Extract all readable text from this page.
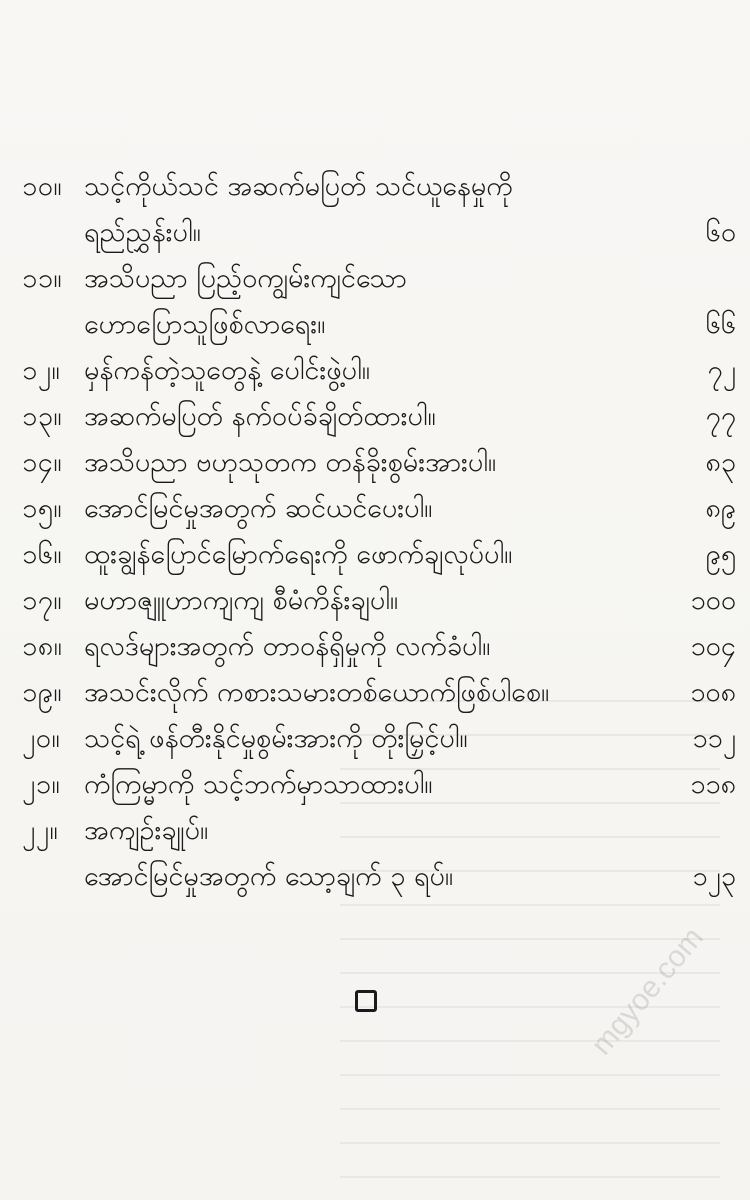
၁၀။ သင့်ကိုယ်သင် အဆက်မပြတ် သင်ယူနေမှုကို
ရည်ညွှန်းပါ။	၆၀
၁၁။ အသိပညာ ပြည့်ဝကျွမ်းကျင်သော
ဟောပြောသူဖြစ်လာရေး။	၆၆
၁၂။ မှန်ကန်တဲ့သူတွေနဲ့ ပေါင်းဖွဲ့ပါ။	၇၂
၁၃။ အဆက်မပြတ် နက်ဝပ်ခ်ချိတ်ထားပါ။	၇၇
၁၄။ အသိပညာ ဗဟုသုတက တန်ခိုးစွမ်းအားပါ။	၈၃
၁၅။ အောင်မြင်မှုအတွက် ဆင်ယင်ပေးပါ။	၈၉
၁၆။ ထူးချွန်ပြောင်မြောက်ရေးကို ဖောက်ချလုပ်ပါ။	၉၅
၁၇။ မဟာဇျူဟာကျကျ စီမံကိန်းချပါ။	၁၀၀
၁၈။ ရလဒ်များအတွက် တာဝန်ရှိမှုကို လက်ခံပါ။	၁၀၄
၁၉။ အသင်းလိုက် ကစားသမားတစ်ယောက်ဖြစ်ပါစေ။	၁၀၈
၂၀။ သင့်ရဲ့ ဖန်တီးနိုင်မှုစွမ်းအားကို တိုးမြှင့်ပါ။	၁၁၂
၂၁။ ကံကြမ္မာကို သင့်ဘက်မှာသာထားပါ။	၁၁၈
၂၂။ အကျဉ်းချုပ်။
အောင်မြင်မှုအတွက် သော့ချက် ၃ ရပ်။	၁၂၃
mgyoe.com
